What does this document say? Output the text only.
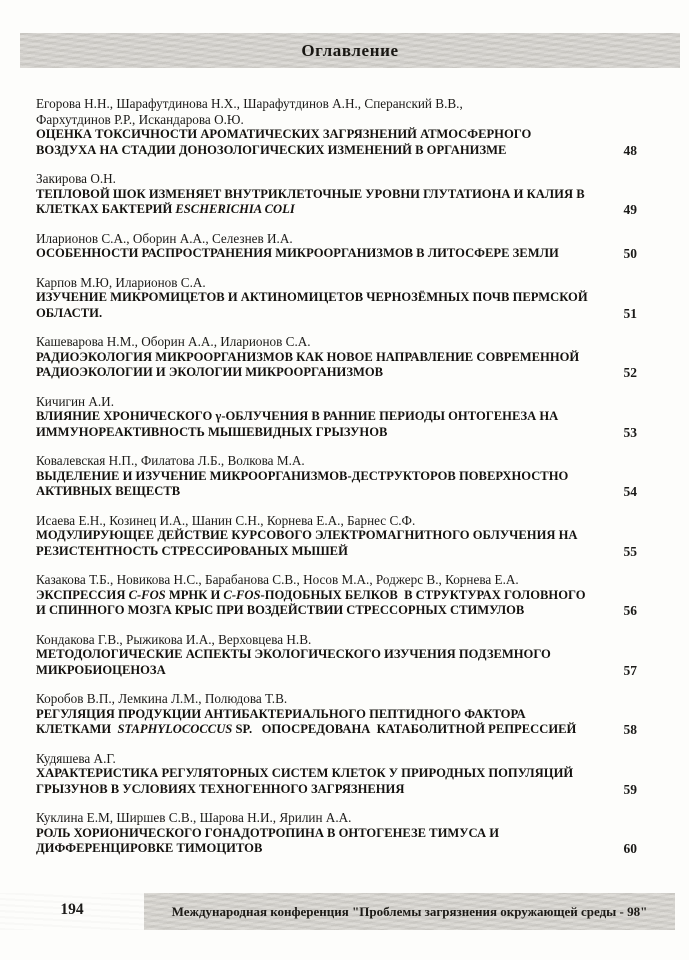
Оглавление
Егорова Н.Н., Шарафутдинова Н.Х., Шарафутдинов А.Н., Сперанский В.В.,
Фархутдинов Р.Р., Искандарова О.Ю.
ОЦЕНКА ТОКСИЧНОСТИ АРОМАТИЧЕСКИХ ЗАГРЯЗНЕНИЙ АТМОСФЕРНОГО
ВОЗДУХА НА СТАДИИ ДОНОЗОЛОГИЧЕСКИХ ИЗМЕНЕНИЙ В ОРГАНИЗМЕ	48
Закирова О.Н.
ТЕПЛОВОЙ ШОК ИЗМЕНЯЕТ ВНУТРИКЛЕТОЧНЫЕ УРОВНИ ГЛУТАТИОНА И КАЛИЯ В
КЛЕТКАХ БАКТЕРИЙ ESCHERICHIA COLI	49
Иларионов С.А., Оборин А.А., Селезнев И.А.
ОСОБЕННОСТИ РАСПРОСТРАНЕНИЯ МИКРООРГАНИЗМОВ В ЛИТОСФЕРЕ ЗЕМЛИ	50
Карпов М.Ю, Иларионов С.А.
ИЗУЧЕНИЕ МИКРОМИЦЕТОВ И АКТИНОМИЦЕТОВ ЧЕРНОЗЁМНЫХ ПОЧВ ПЕРМСКОЙ
ОБЛАСТИ.	51
Кашеварова Н.М., Оборин А.А., Иларионов С.А.
РАДИОЭКОЛОГИЯ МИКРООРГАНИЗМОВ КАК НОВОЕ НАПРАВЛЕНИЕ СОВРЕМЕННОЙ
РАДИОЭКОЛОГИИ И ЭКОЛОГИИ МИКРООРГАНИЗМОВ	52
Кичигин А.И.
ВЛИЯНИЕ ХРОНИЧЕСКОГО γ-ОБЛУЧЕНИЯ В РАННИЕ ПЕРИОДЫ ОНТОГЕНЕЗА НА
ИММУНОРЕАКТИВНОСТЬ МЫШЕВИДНЫХ ГРЫЗУНОВ	53
Ковалевская Н.П., Филатова Л.Б., Волкова М.А.
ВЫДЕЛЕНИЕ И ИЗУЧЕНИЕ МИКРООРГАНИЗМОВ-ДЕСТРУКТОРОВ ПОВЕРХНОСТНО
АКТИВНЫХ ВЕЩЕСТВ	54
Исаева Е.Н., Козинец И.А., Шанин С.Н., Корнева Е.А., Барнес С.Ф.
МОДУЛИРУЮЩЕЕ ДЕЙСТВИЕ КУРСОВОГО ЭЛЕКТРОМАГНИТНОГО ОБЛУЧЕНИЯ НА
РЕЗИСТЕНТНОСТЬ СТРЕССИРОВАНЫХ МЫШЕЙ	55
Казакова Т.Б., Новикова Н.С., Барабанова С.В., Носов М.А., Роджерс В., Корнева Е.А.
ЭКСПРЕССИЯ C-FOS МРНК И C-FOS-ПОДОБНЫХ БЕЛКОВ  В СТРУКТУРАХ ГОЛОВНОГО
И СПИННОГО МОЗГА КРЫС ПРИ ВОЗДЕЙСТВИИ СТРЕССОРНЫХ СТИМУЛОВ	56
Кондакова Г.В., Рыжикова И.А., Верховцева Н.В.
МЕТОДОЛОГИЧЕСКИЕ АСПЕКТЫ ЭКОЛОГИЧЕСКОГО ИЗУЧЕНИЯ ПОДЗЕМНОГО
МИКРОБИОЦЕНОЗА	57
Коробов В.П., Лемкина Л.М., Полюдова Т.В.
РЕГУЛЯЦИЯ ПРОДУКЦИИ АНТИБАКТЕРИАЛЬНОГО ПЕПТИДНОГО ФАКТОРА
КЛЕТКАМИ  STAPHYLOCOCCUS SP.   ОПОСРЕДОВАНА  КАТАБОЛИТНОЙ РЕПРЕССИЕЙ	58
Кудяшева А.Г.
ХАРАКТЕРИСТИКА РЕГУЛЯТОРНЫХ СИСТЕМ КЛЕТОК У ПРИРОДНЫХ ПОПУЛЯЦИЙ
ГРЫЗУНОВ В УСЛОВИЯХ ТЕХНОГЕННОГО ЗАГРЯЗНЕНИЯ	59
Куклина Е.М, Ширшев С.В., Шарова Н.И., Ярилин А.А.
РОЛЬ ХОРИОНИЧЕСКОГО ГОНАДОТРОПИНА В ОНТОГЕНЕЗЕ ТИМУСА И
ДИФФЕРЕНЦИРОВКЕ ТИМОЦИТОВ	60
194	Международная конференция "Проблемы загрязнения окружающей среды - 98"
